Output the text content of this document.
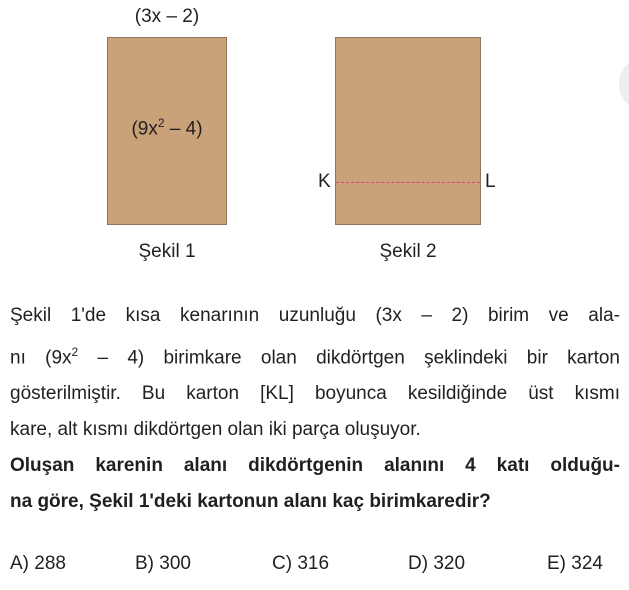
(3x – 2)
$(9x^2 - 4)$
K	L
Şekil 1	Şekil 2
Şekil 1'de kısa kenarının uzunluğu (3x – 2) birim ve ala-
nı $(9x^2 - 4)$ birimkare olan dikdörtgen şeklindeki bir karton
gösterilmiştir. Bu karton [KL] boyunca kesildiğinde üst kısmı
kare, alt kısmı dikdörtgen olan iki parça oluşuyor.
Oluşan karenin alanı dikdörtgenin alanını 4 katı olduğu-
na göre, Şekil 1'deki kartonun alanı kaç birimkaredir?
A) 288	B) 300	C) 316	D) 320	E) 324
